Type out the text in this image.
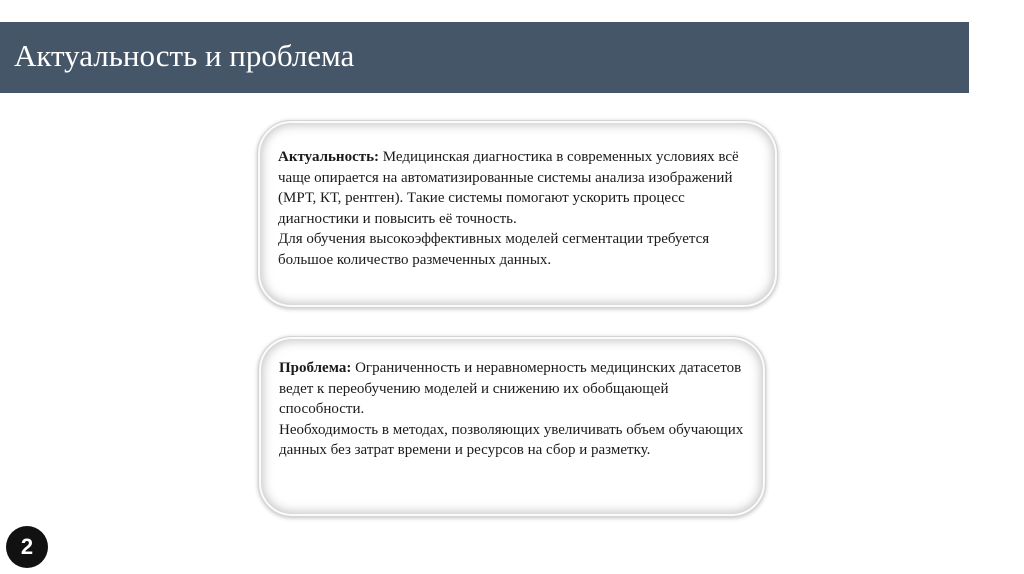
Актуальность и проблема

Актуальность: Медицинская диагностика в современных условиях всё чаще опирается на автоматизированные системы анализа изображений (МРТ, КТ, рентген). Такие системы помогают ускорить процесс диагностики и повысить её точность.

Для обучения высокоэффективных моделей сегментации требуется большое количество размеченных данных.

Проблема: Ограниченность и неравномерность медицинских датасетов ведет к переобучению моделей и снижению их обобщающей способности.

Необходимость в методах, позволяющих увеличивать объем обучающих данных без затрат времени и ресурсов на сбор и разметку.

2
